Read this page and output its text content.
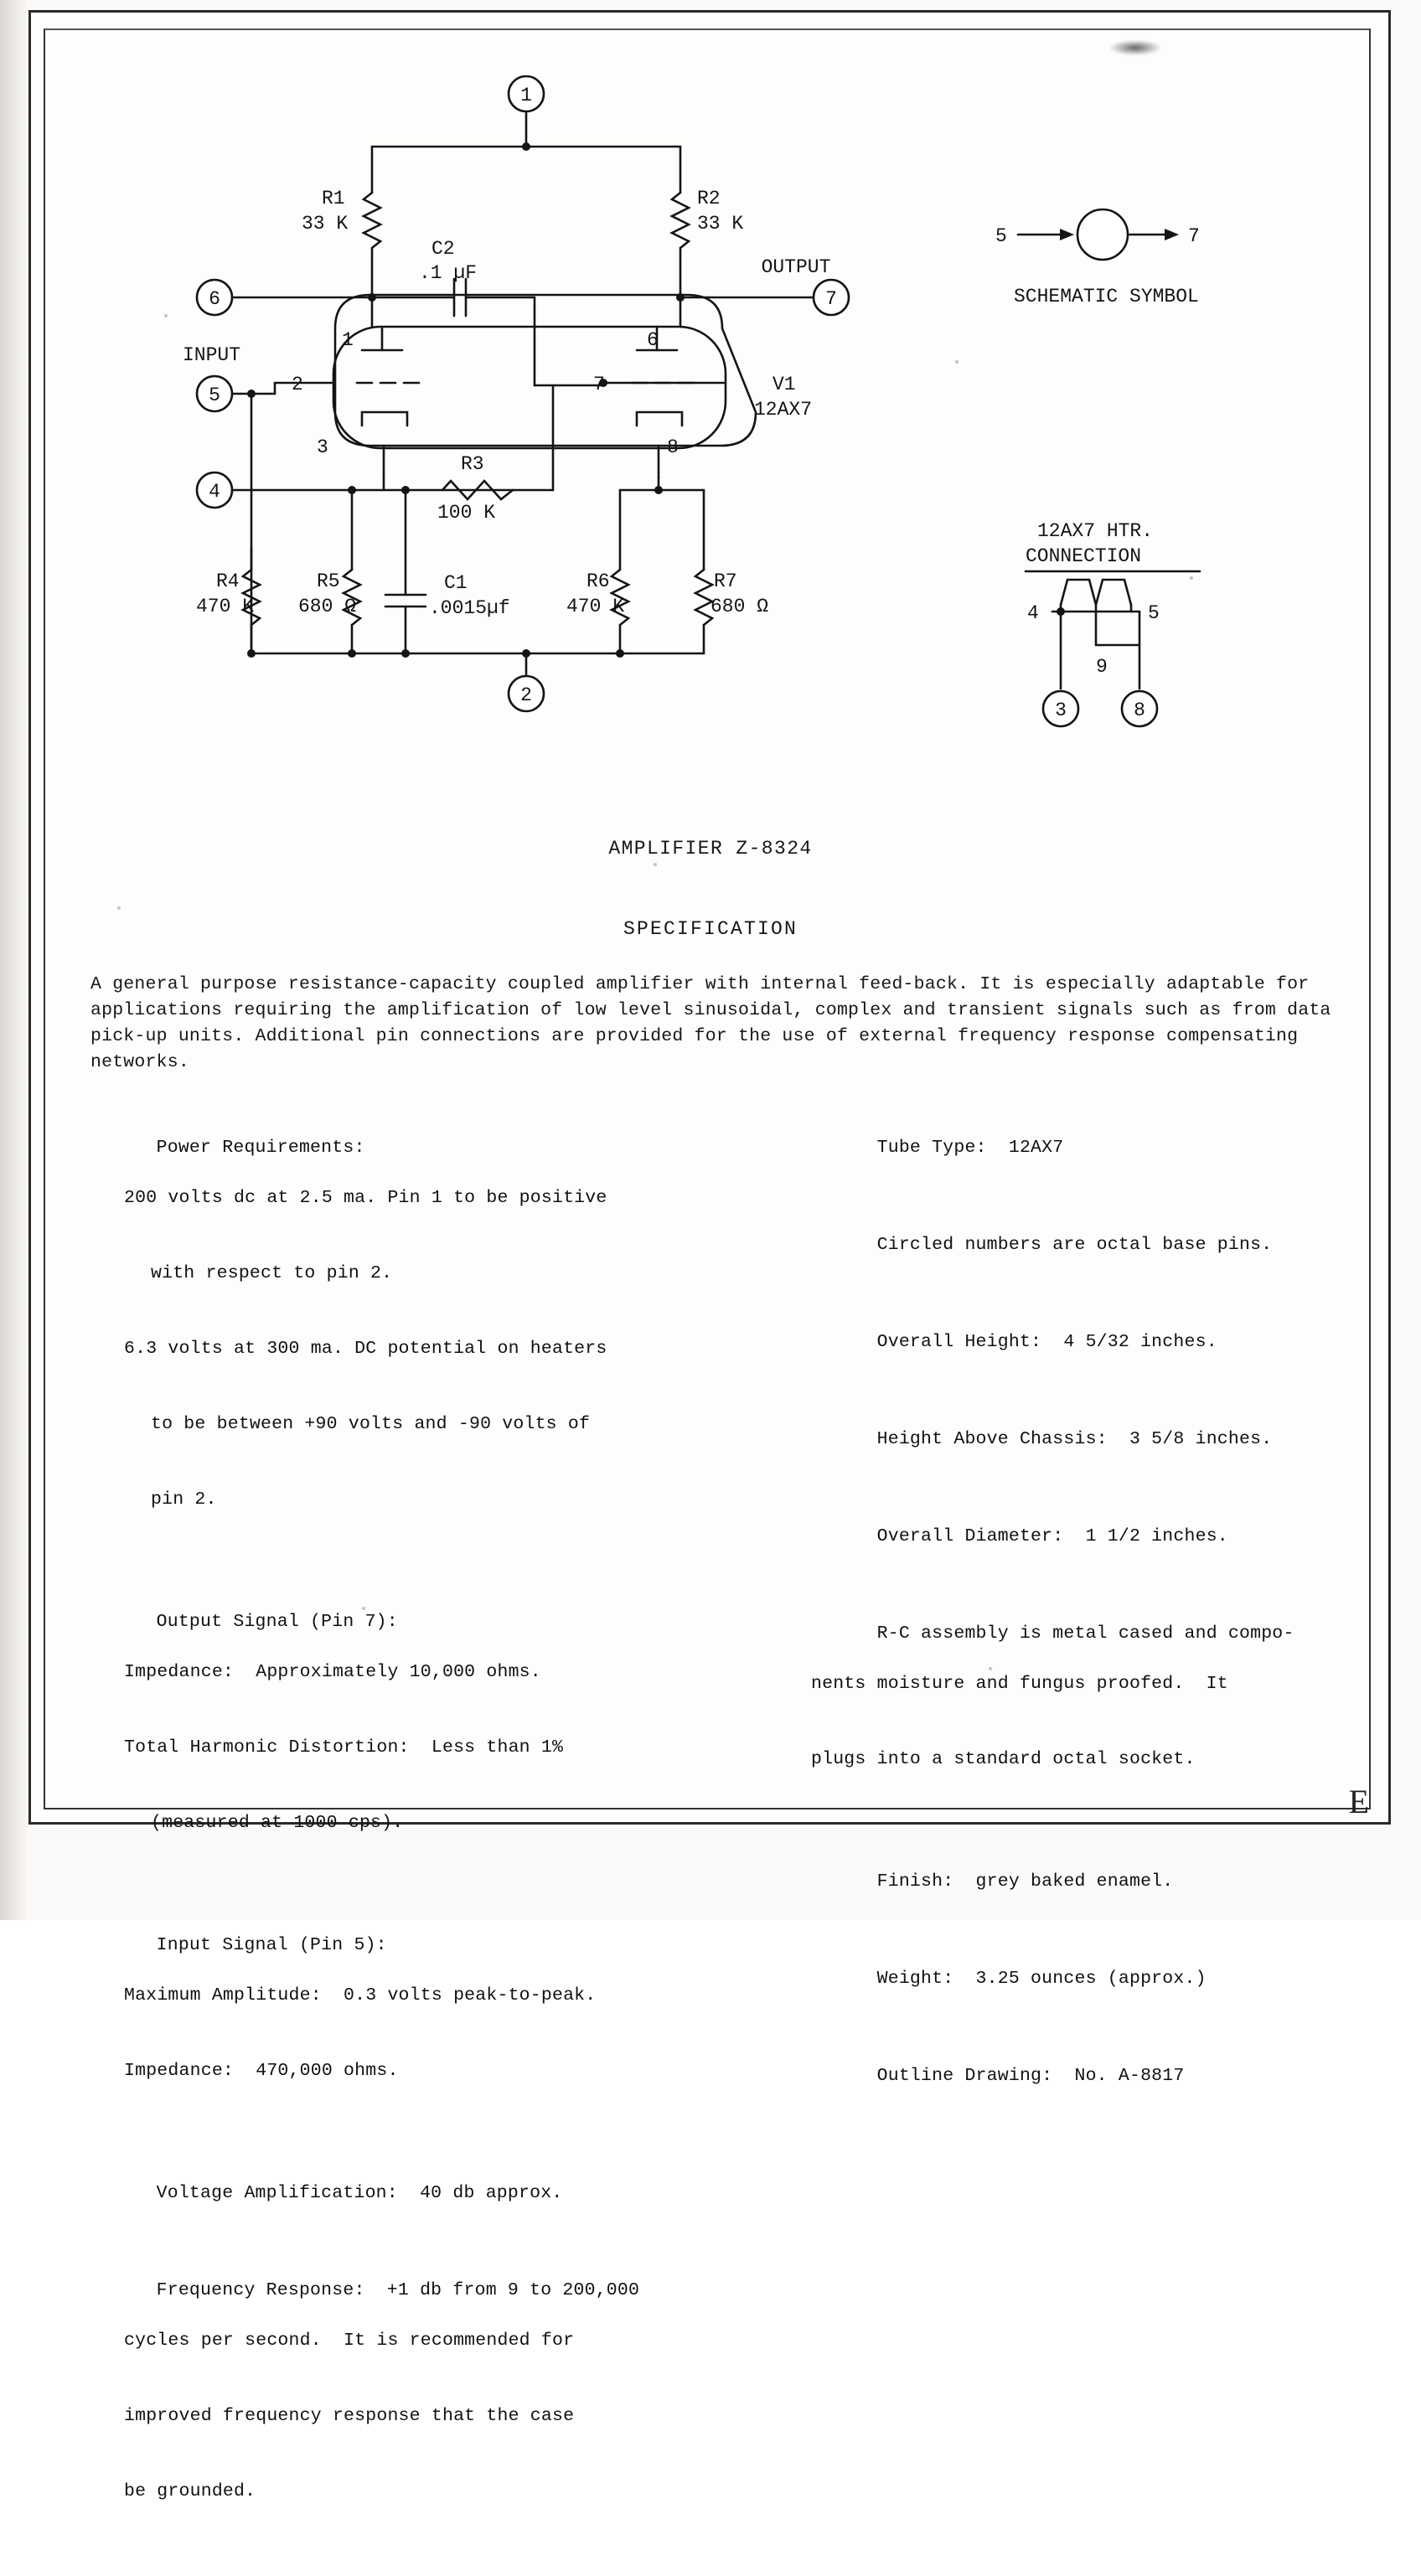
1
R1
33 K
R2
33 K
6
C2
.1 µF
7
OUTPUT
1
2
3
6
7
8
V1
12AX7
INPUT
5
4
R3
100 K
R4
470 K
R5
680 Ω
C1
.0015µf
R6
470 K
R7
680 Ω
2
5	7
SCHEMATIC SYMBOL
12AX7 HTR.
CONNECTION
4	5
9
3	8
AMPLIFIER Z-8324
SPECIFICATION
A general purpose resistance-capacity coupled amplifier with internal feed-back. It is especially adaptable for applications requiring the amplification of low level sinusoidal, complex and transient signals such as from data pick-up units. Additional pin connections are provided for the use of external frequency response compensating networks.

Power Requirements:

200 volts dc at 2.5 ma. Pin 1 to be positive

with respect to pin 2.

6.3 volts at 300 ma. DC potential on heaters

to be between +90 volts and -90 volts of

pin 2.

Output Signal (Pin 7):

Impedance:  Approximately 10,000 ohms.

Total Harmonic Distortion:  Less than 1%

(measured at 1000 cps).

Input Signal (Pin 5):

Maximum Amplitude:  0.3 volts peak-to-peak.

Impedance:  470,000 ohms.

Voltage Amplification:  40 db approx.

Frequency Response:  +1 db from 9 to 200,000

cycles per second.  It is recommended for

improved frequency response that the case

be grounded.

Tube Type:  12AX7

Circled numbers are octal base pins.

Overall Height:  4 5/32 inches.

Height Above Chassis:  3 5/8 inches.

Overall Diameter:  1 1/2 inches.

R-C assembly is metal cased and compo-

nents moisture and fungus proofed.  It

plugs into a standard octal socket.

Finish:  grey baked enamel.

Weight:  3.25 ounces (approx.)

Outline Drawing:  No. A-8817

E
